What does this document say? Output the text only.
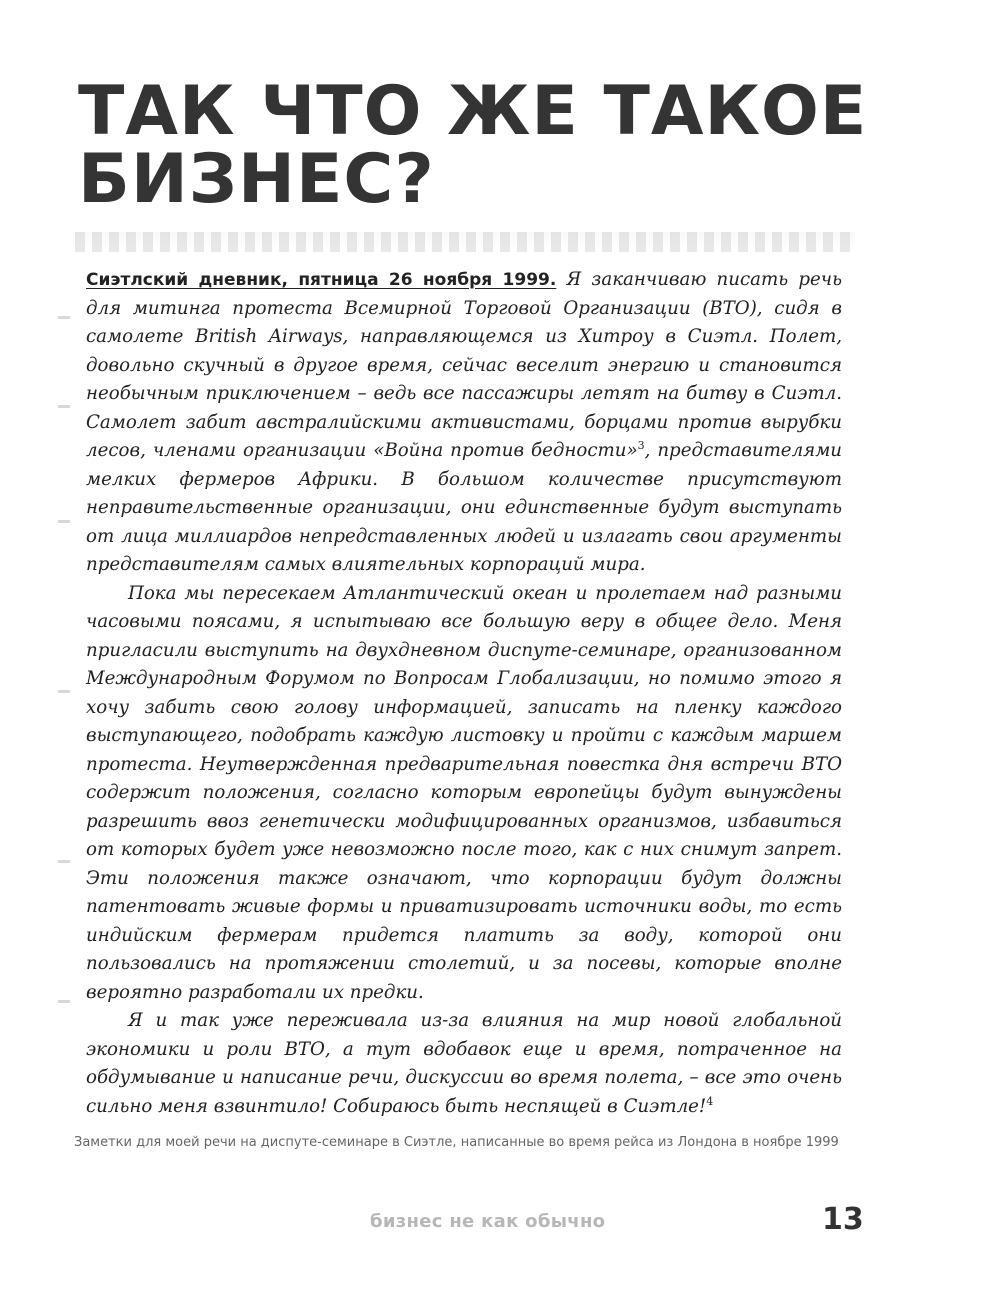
ТАК ЧТО ЖЕ ТАКОЕ
БИЗНЕС?

Сиэтлский дневник, пятница 26 ноября 1999. Я заканчиваю писать речь для митинга протеста Всемирной Торговой Организации (ВТО), сидя в самолете British Airways, направляющемся из Хитроу в Сиэтл. Полет, довольно скучный в другое время, сейчас веселит энергию и становится необычным приключением – ведь все пассажиры летят на битву в Сиэтл. Самолет забит австралийскими активистами, борцами против вырубки лесов, членами организации «Война против бедности»$^3$, представителями мелких фермеров Африки. В большом количестве присутствуют неправительственные организации, они единственные будут выступать от лица миллиардов непредставленных людей и излагать свои аргументы представителям самых влиятельных корпораций мира.

Пока мы пересекаем Атлантический океан и пролетаем над разными часовыми поясами, я испытываю все большую веру в общее дело. Меня пригласили выступить на двухдневном диспуте-семинаре, организованном Международным Форумом по Вопросам Глобализации, но помимо этого я хочу забить свою голову информацией, записать на пленку каждого выступающего, подобрать каждую листовку и пройти с каждым маршем протеста. Неутвержденная предварительная повестка дня встречи ВТО содержит положения, согласно которым европейцы будут вынуждены разрешить ввоз генетически модифицированных организмов, избавиться от которых будет уже невозможно после того, как с них снимут запрет. Эти положения также означают, что корпорации будут должны патентовать живые формы и приватизировать источники воды, то есть индийским фермерам придется платить за воду, которой они пользовались на протяжении столетий, и за посевы, которые вполне вероятно разработали их предки.

Я и так уже переживала из-за влияния на мир новой глобальной экономики и роли ВТО, а тут вдобавок еще и время, потраченное на обдумывание и написание речи, дискуссии во время полета, – все это очень сильно меня взвинтило! Собираюсь быть неспящей в Сиэтле!$^4$

Заметки для моей речи на диспуте-семинаре в Сиэтле, написанные во время рейса из Лондона в ноябре 1999
бизнес не как обычно	13
